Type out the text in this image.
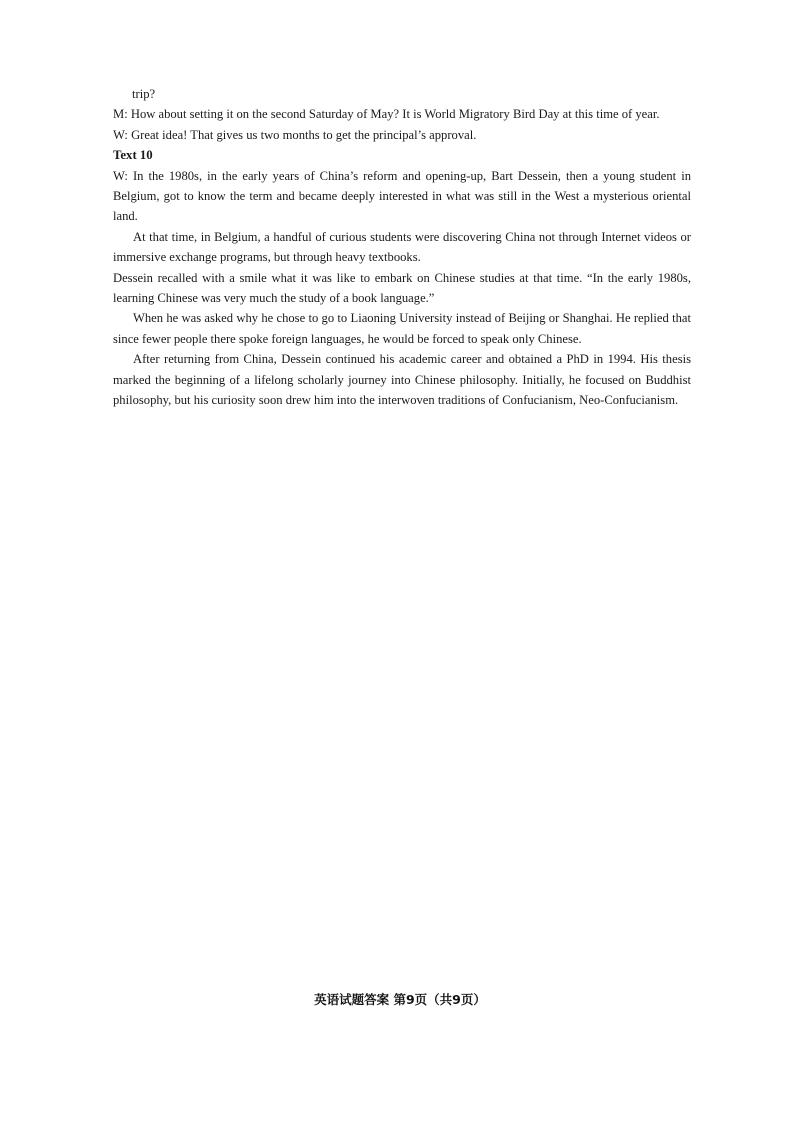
trip?

M: How about setting it on the second Saturday of May? It is World Migratory Bird Day at this time of year.

W: Great idea! That gives us two months to get the principal’s approval.

Text 10

W: In the 1980s, in the early years of China’s reform and opening-up, Bart Dessein, then a young student in Belgium, got to know the term and became deeply interested in what was still in the West a mysterious oriental land.

At that time, in Belgium, a handful of curious students were discovering China not through Internet videos or immersive exchange programs, but through heavy textbooks.

Dessein recalled with a smile what it was like to embark on Chinese studies at that time. “In the early 1980s, learning Chinese was very much the study of a book language.”

When he was asked why he chose to go to Liaoning University instead of Beijing or Shanghai. He replied that since fewer people there spoke foreign languages, he would be forced to speak only Chinese.

After returning from China, Dessein continued his academic career and obtained a PhD in 1994. His thesis marked the beginning of a lifelong scholarly journey into Chinese philosophy. Initially, he focused on Buddhist philosophy, but his curiosity soon drew him into the interwoven traditions of Confucianism, Neo-Confucianism.

英语试题答案 第9页（共9页）
